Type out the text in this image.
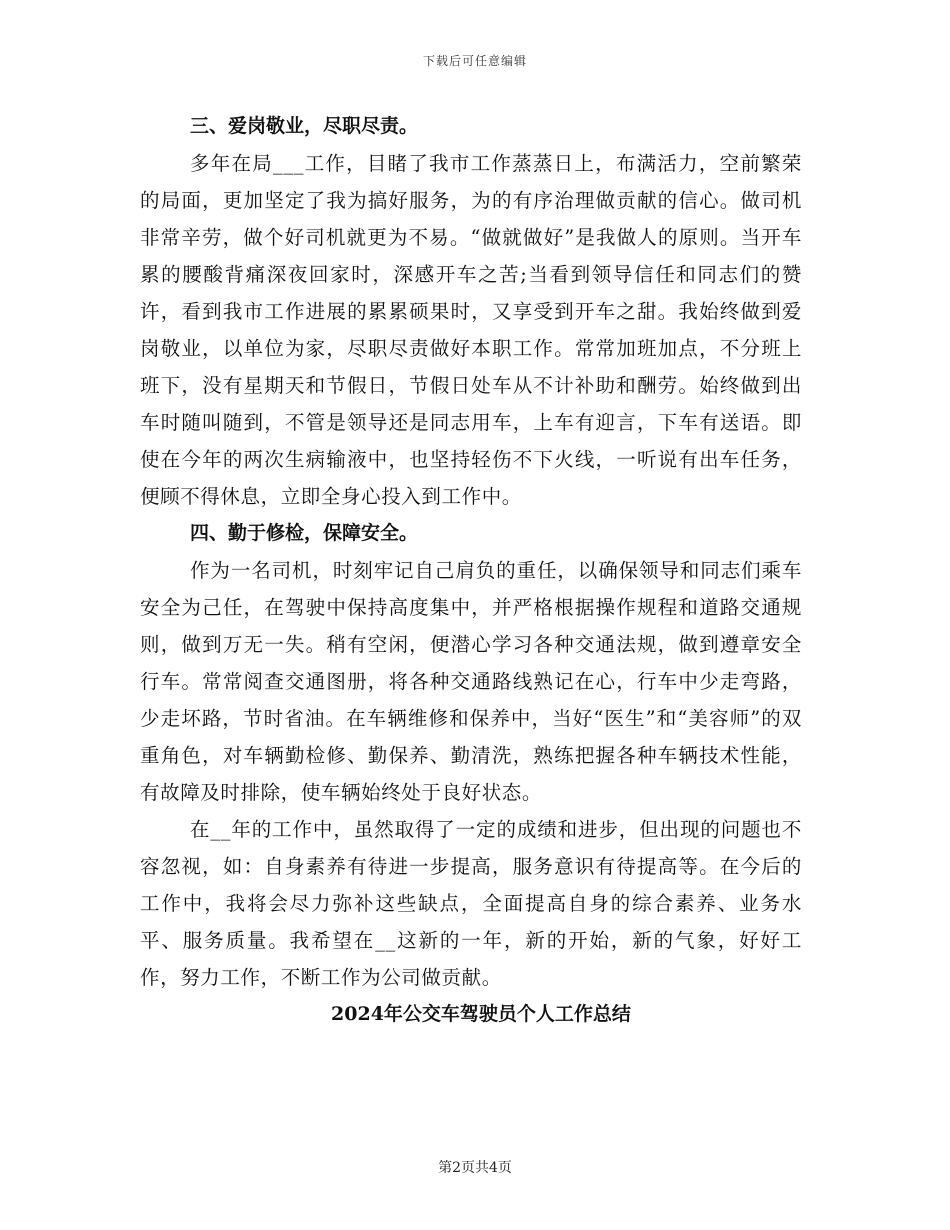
下载后可任意编辑
三、爱岗敬业，尽职尽责。

多年在局___工作，目睹了我市工作蒸蒸日上，布满活力，空前繁荣的局面，更加坚定了我为搞好服务，为的有序治理做贡献的信心。做司机非常辛劳，做个好司机就更为不易。“做就做好”是我做人的原则。当开车累的腰酸背痛深夜回家时，深感开车之苦;当看到领导信任和同志们的赞许，看到我市工作进展的累累硕果时，又享受到开车之甜。我始终做到爱岗敬业，以单位为家，尽职尽责做好本职工作。常常加班加点，不分班上班下，没有星期天和节假日，节假日处车从不计补助和酬劳。始终做到出车时随叫随到，不管是领导还是同志用车，上车有迎言，下车有送语。即使在今年的两次生病输液中，也坚持轻伤不下火线，一听说有出车任务，便顾不得休息，立即全身心投入到工作中。

四、勤于修检，保障安全。

作为一名司机，时刻牢记自己肩负的重任，以确保领导和同志们乘车安全为己任，在驾驶中保持高度集中，并严格根据操作规程和道路交通规则，做到万无一失。稍有空闲，便潜心学习各种交通法规，做到遵章安全行车。常常阅查交通图册，将各种交通路线熟记在心，行车中少走弯路，少走坏路，节时省油。在车辆维修和保养中，当好“医生”和“美容师”的双重角色，对车辆勤检修、勤保养、勤清洗，熟练把握各种车辆技术性能，有故障及时排除，使车辆始终处于良好状态。

在__年的工作中，虽然取得了一定的成绩和进步，但出现的问题也不容忽视，如：自身素养有待进一步提高，服务意识有待提高等。在今后的工作中，我将会尽力弥补这些缺点，全面提高自身的综合素养、业务水平、服务质量。我希望在__这新的一年，新的开始，新的气象，好好工作，努力工作，不断工作为公司做贡献。

2024年公交车驾驶员个人工作总结
第2页共4页
